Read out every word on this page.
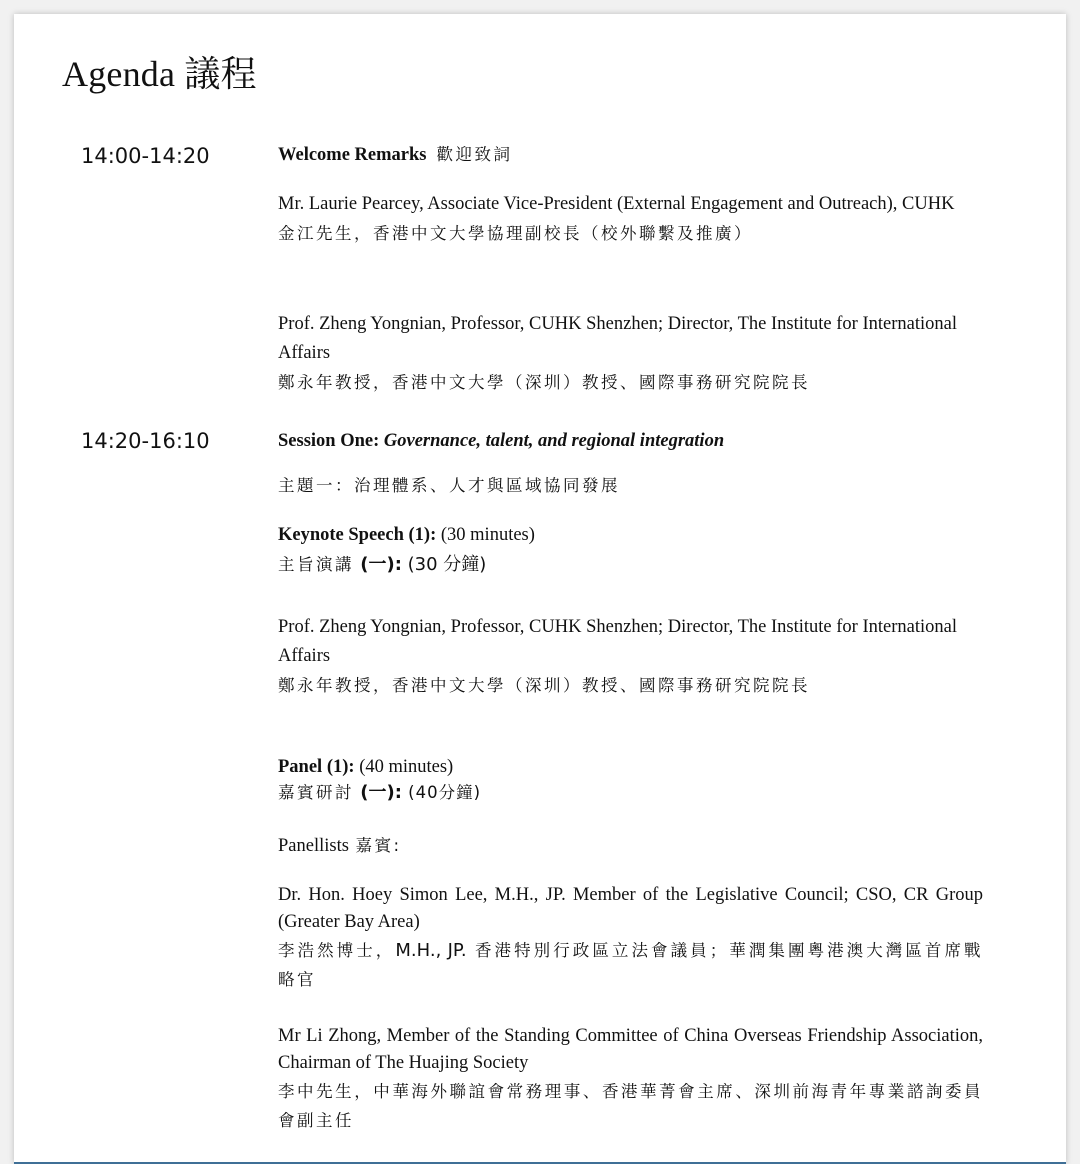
Agenda 議程
14:00-14:20	Welcome Remarks 歡迎致詞

Mr. Laurie Pearcey, Associate Vice-President (External Engagement and Outreach), CUHK

金江先生，香港中文大學協理副校長（校外聯繫及推廣）

Prof. Zheng Yongnian, Professor, CUHK Shenzhen; Director, The Institute for International Affairs

鄭永年教授，香港中文大學（深圳）教授、國際事務研究院院長

14:20-16:10	Session One: Governance, talent, and regional integration

主題一：治理體系、人才與區域協同發展

Keynote Speech (1): (30 minutes)

主旨演講 (一): (30 分鐘)

Prof. Zheng Yongnian, Professor, CUHK Shenzhen; Director, The Institute for International Affairs

鄭永年教授，香港中文大學（深圳）教授、國際事務研究院院長

Panel (1): (40 minutes)

嘉賓研討 (一): (40分鐘)

Panellists 嘉賓:

Dr. Hon. Hoey Simon Lee, M.H., JP. Member of the Legislative Council; CSO, CR Group (Greater Bay Area)

李浩然博士，M.H., JP. 香港特別行政區立法會議員；華潤集團粵港澳大灣區首席戰略官

Mr Li Zhong, Member of the Standing Committee of China Overseas Friendship Association, Chairman of The Huajing Society

李中先生，中華海外聯誼會常務理事、香港華菁會主席、深圳前海青年專業諮詢委員會副主任
